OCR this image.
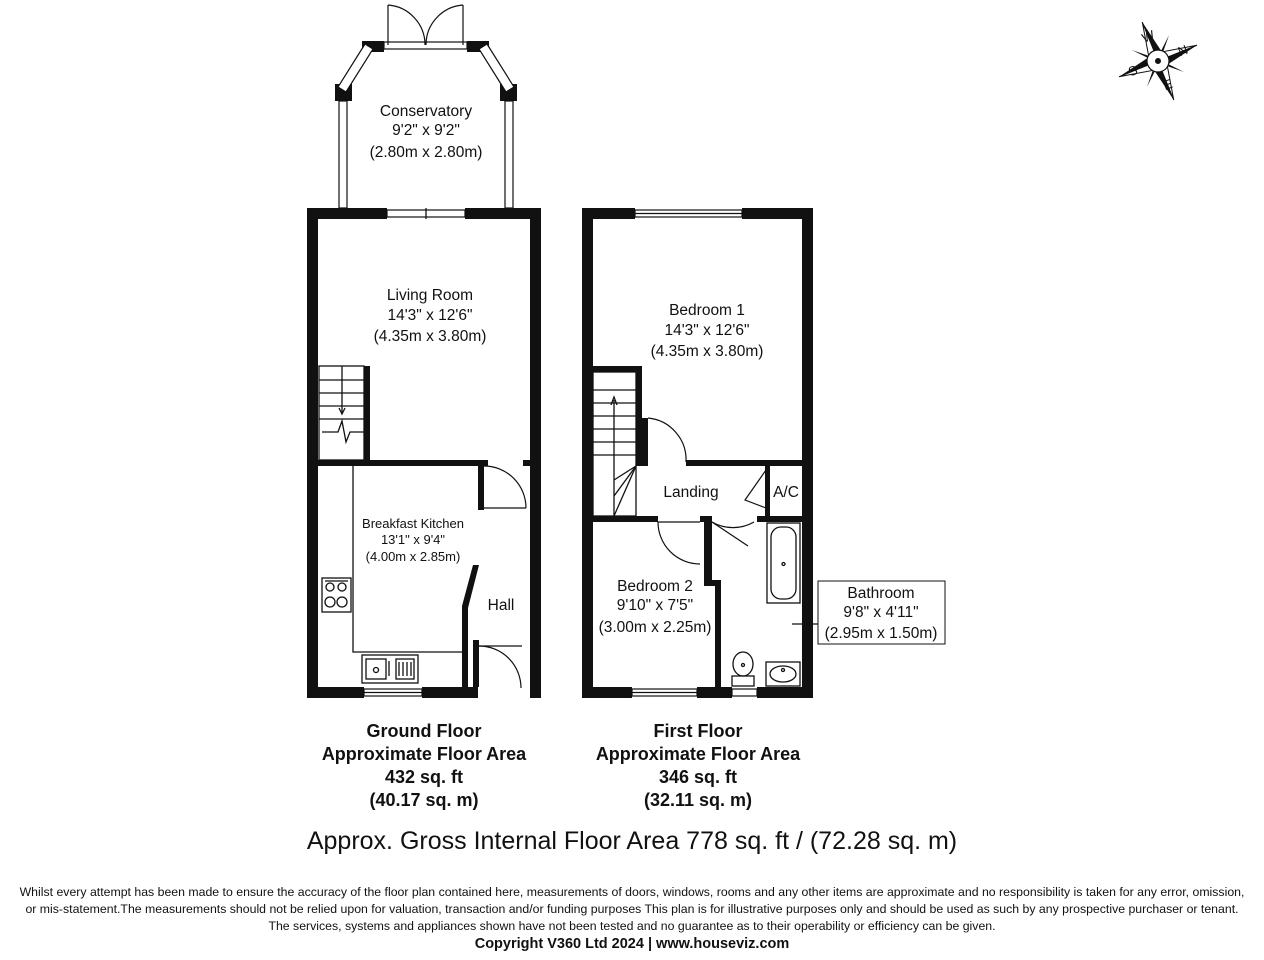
S
W
N
E
Conservatory
9'2" x 9'2"
(2.80m x 2.80m)
Living Room
14'3" x 12'6"
(4.35m x 3.80m)
Breakfast Kitchen
13'1" x 9'4"
(4.00m x 2.85m)
Hall
Bedroom 1
14'3" x 12'6"
(4.35m x 3.80m)
Landing	A/C
Bedroom 2
9'10" x 7'5"
(3.00m x 2.25m)
Bathroom
9'8" x 4'11"
(2.95m x 1.50m)
Ground Floor
Approximate Floor Area
432 sq. ft
(40.17 sq. m)
First Floor
Approximate Floor Area
346 sq. ft
(32.11 sq. m)
Approx. Gross Internal Floor Area 778 sq. ft / (72.28 sq. m)
Whilst every attempt has been made to ensure the accuracy of the floor plan contained here, measurements of doors, windows, rooms and any other items are approximate and no responsibility is taken for any error, omission,
or mis-statement.The measurements should not be relied upon for valuation, transaction and/or funding purposes This plan is for illustrative purposes only and should be used as such by any prospective purchaser or tenant.
The services, systems and appliances shown have not been tested and no guarantee as to their operability or efficiency can be given.
Copyright V360 Ltd 2024 | www.houseviz.com
